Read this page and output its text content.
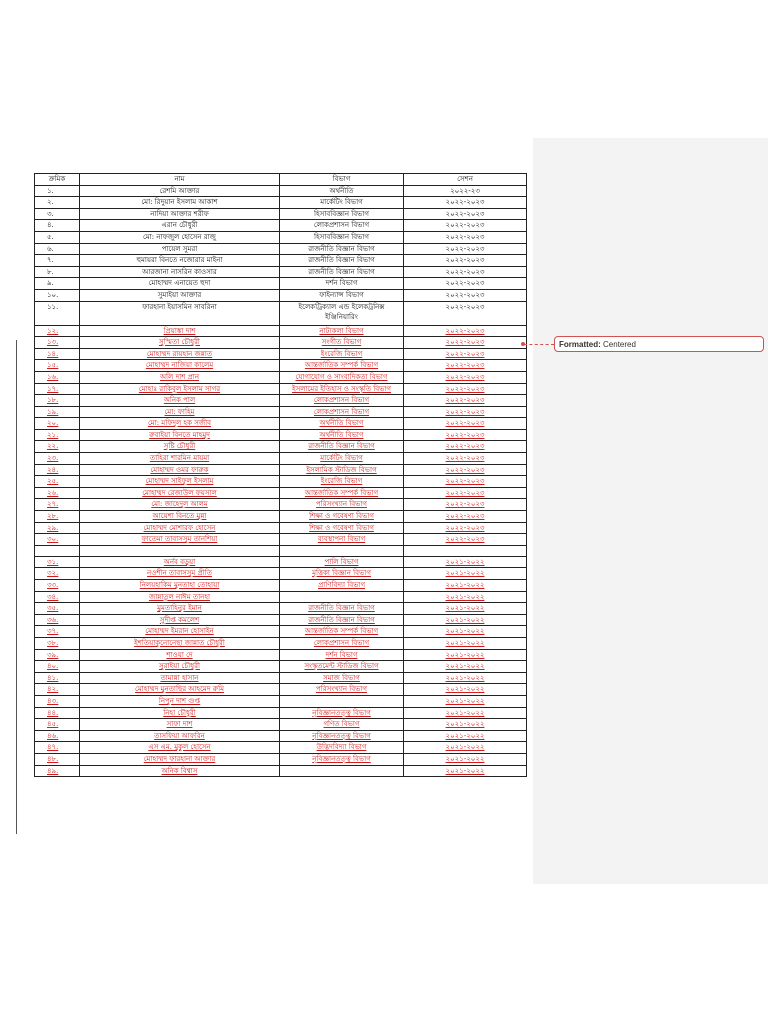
ক্রমিক	নাম	বিভাগ	সেশন
১.	রেশমি আক্তার	অর্থনীতি	২০২২-২৩
২.	মো: রিদুয়ান ইসলাম আকাশ	মার্কেটিং বিভাগ	২০২২-২০২৩
৩.	নাদিয়া আক্তার শরীফ	হিসাববিজ্ঞান বিভাগ	২০২২-২০২৩
৪.	এরান চৌধুরী	লোকপ্রশাসন বিভাগ	২০২২-২০২৩
৫.	মো: নাফজুল হোসেন রাজু	হিসাববিজ্ঞান বিভাগ	২০২২-২০২৩
৬.	পায়েল সুমরা	রাজনীতি বিজ্ঞান বিভাগ	২০২২-২০২৩
৭.	হুমায়রা বিনতে নজোরার মাইনা	রাজনীতি বিজ্ঞান বিভাগ	২০২২-২০২৩
৮.	আরজানা নাসরিন কাওসার	রাজনীতি বিজ্ঞান বিভাগ	২০২২-২০২৩
৯.	মোহাম্মদ এনায়েত হুদা	দর্শন বিভাগ	২০২২-২০২৩
১০.	সুমাইয়া আক্তার	ফাইন্যান্স বিভাগ	২০২২-২০২৩
১১.	ফারহানা ইয়াসমিন সাবরিনা	ইলেকট্রিক্যাল এন্ড ইলেকট্রনিক্স ইঞ্জিনিয়ারিং	২০২২-২০২৩
১২.	প্রিয়াঙ্কা দাশ	নাট্যকলা বিভাগ	২০২২-২০২৩
১৩.	সুস্মিতা চৌধুরী	সংগীত বিভাগ	২০২২-২০২৩
১৪.	মোহাম্মদ রায়হান জন্নাত	ইংরেজি বিভাগ	২০২২-২০২৩
১৫.	মোহাম্মদ নাজিয়া কালেম	আন্তর্জাতিক সম্পর্ক বিভাগ	২০২২-২০২৩
১৬.	অলি দাশ প্রান	যোগাযোগ ও সাংবাদিকতা বিভাগ	২০২২-২০২৩
১৭.	মোহাঃ রাকিবুল ইসলাম সাগর	ইসলামের ইতিহাস ও সংস্কৃতি বিভাগ	২০২২-২০২৩
১৮.	অনিক পাল	লোকপ্রশাসন বিভাগ	২০২২-২০২৩
১৯.	মো: ফাহিম	লোকপ্রশাসন বিভাগ	২০২২-২০২৩
২০.	মো: মফিদুল হক সজীব	অর্থনীতি বিভাগ	২০২২-২০২৩
২১.	রুবাইয়া বিনতে মাহমুদ	অর্থনীতি বিভাগ	২০২২-২০২৩
২২.	সৃষ্টি চৌধুরী	রাজনীতি বিজ্ঞান বিভাগ	২০২২-২০২৩
২৩.	তাহিরা শারমিন মায়মা	মার্কেটিং বিভাগ	২০২২-২০২৩
২৪.	মোহাম্মদ ওমর ফারুক	ইসলামিক স্টাডিজ বিভাগ	২০২২-২০২৩
২৫.	মোহাম্মদ সাইফুল ইসলাম	ইংরেজি বিভাগ	২০২২-২০২৩
২৬.	মোহাম্মদ রেজাউল ফয়সাল	আন্তর্জাতিক সম্পর্ক বিভাগ	২০২২-২০২৩
২৭.	মো: জাহেদুল আলম	পরিসংখ্যান বিভাগ	২০২২-২০২৩
২৮.	আয়েশা বিনতে মুন্না	শিক্ষা ও গবেষণা বিভাগ	২০২২-২০২৩
২৯.	মোহাম্মদ মোশারফ হোসেন	শিক্ষা ও গবেষণা বিভাগ	২০২২-২০২৩
৩০.	ফাতেমা তাবাসসুম তানশিয়া	ব্যবস্থাপনা বিভাগ	২০২২-২০২৩

৩১.	অর্নব বড়ুয়া	পালি বিভাগ	২০২১-২০২২
৩২.	নওশীন তাবাসসুম প্রীতি	মৃত্তিকা বিজ্ঞান বিভাগ	২০২১-২০২২
৩৩.	নিলয়হাকিম মুনতাহা তোহায়া	প্রাণিবিদ্যা বিভাগ	২০২১-২০২২
৩৪.	জান্নাতুল নাঈম তানহা		২০২১-২০২২
৩৫.	মুমতাহিনুর ইমান	রাজনীতি বিজ্ঞান বিভাগ	২০২১-২০২২
৩৬.	সুদীপ্ত কমলেশ	রাজনীতি বিজ্ঞান বিভাগ	২০২১-২০২২
৩৭.	মোহাম্মদ ইমরান হোসাইন	আন্তর্জাতিক সম্পর্ক বিভাগ	২০২১-২০২২
৩৮.	ইশতিয়াকুনোনেছা জান্নাত চৌধুরী	লোকপ্রশাসন বিভাগ	২০২১-২০২২
৩৯.	শাওয়া দে	দর্শন বিভাগ	২০২১-২০২২
৪০.	সুরাইয়া চৌধুরী	সংস্কৃতমেন্ট স্টাডিজ বিভাগ	২০২১-২০২২
৪১.	তামান্না হাসান	সমাজ বিভাগ	২০২১-২০২২
৪২.	মোহাম্মদ মুনতাছির আহমেদ রুমি	পরিসংখ্যান বিভাগ	২০২১-২০২২
৪৩.	নিপুন দাশ গুপ্ত		২০২১-২০২২
৪৪.	নিহা চৌধুরী	নৃবিজ্ঞানতত্ত্ব বিভাগ	২০২১-২০২২
৪৫.	সাফা দাশ	গণিত বিভাগ	২০২১-২০২২
৪৬.	তাসফিয়া আফরিন	নৃবিজ্ঞানতত্ত্ব বিভাগ	২০২১-২০২২
৪৭.	এস এম. মুকুল হোসেন	উদ্ভিদবিদ্যা বিভাগ	২০২১-২০২২
৪৮.	মোহাম্মদ ফারহানা আক্তার	নৃবিজ্ঞানতত্ত্ব বিভাগ	২০২১-২০২২
৪৯.	অনিক বিশ্বাস		২০২১-২০২২
Formatted: Centered
